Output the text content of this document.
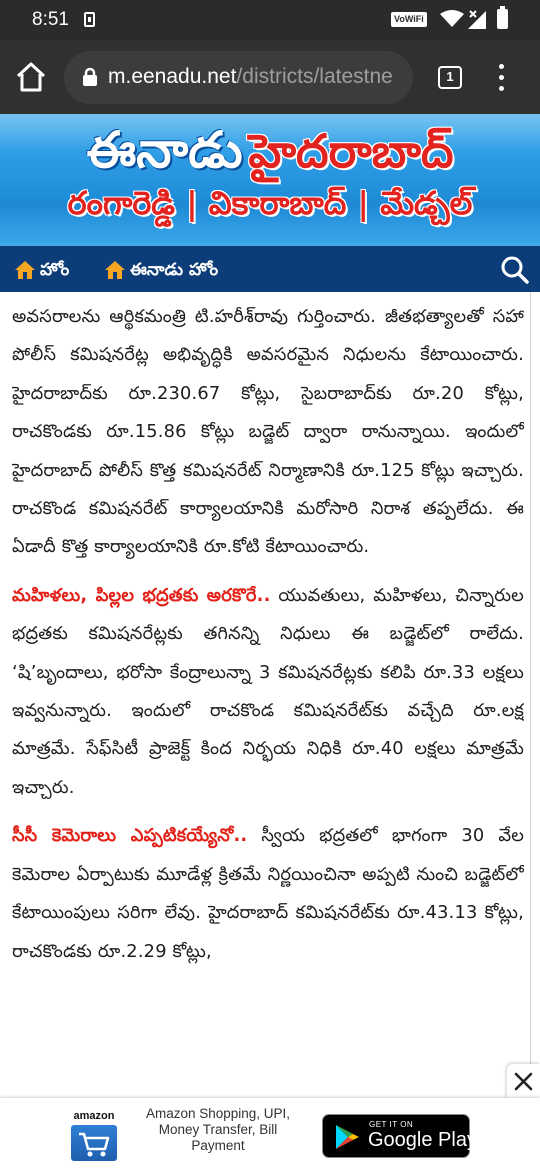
8:51	VoWiFi
m.eenadu.net/districts/latestne	1
ఈనాడు హైదరాబాద్
రంగారెడ్డి | వికారాబాద్ | మేడ్చల్
హోం	ఈనాడు హోం

అవసరాలను ఆర్థికమంత్రి టి.హరీశ్‌రావు గుర్తించారు. జీతభత్యాలతో సహా పోలీస్‌ కమిషనరేట్ల అభివృద్ధికి అవసరమైన నిధులను కేటాయించారు. హైదరాబాద్‌కు రూ.230.67 కోట్లు, సైబరాబాద్‌కు రూ.20 కోట్లు, రాచకొండకు రూ.15.86 కోట్లు బడ్జెట్‌ ద్వారా రానున్నాయి. ఇందులో హైదరాబాద్‌ పోలీస్‌ కొత్త కమిషనరేట్‌ నిర్మాణానికి రూ.125 కోట్లు ఇచ్చారు. రాచకొండ కమిషనరేట్‌ కార్యాలయానికి మరోసారి నిరాశ తప్పలేదు. ఈ ఏడాదీ కొత్త కార్యాలయానికి రూ.కోటి కేటాయించారు.

మహిళలు, పిల్లల భద్రతకు అరకొరే.. యువతులు, మహిళలు, చిన్నారుల భద్రతకు కమిషనరేట్లకు తగినన్ని నిధులు ఈ బడ్జెట్‌లో రాలేదు. ‘షి’బృందాలు, భరోసా కేంద్రాలున్నా 3 కమిషనరేట్లకు కలిపి రూ.33 లక్షలు ఇవ్వనున్నారు. ఇందులో రాచకొండ కమిషనరేట్‌కు వచ్చేది రూ.లక్ష మాత్రమే. సేఫ్‌సిటీ ప్రాజెక్ట్‌ కింద నిర్భయ నిధికి రూ.40 లక్షలు మాత్రమే ఇచ్చారు.

సీసీ కెమెరాలు ఎప్పటికయ్యేనో.. స్వీయ భద్రతలో భాగంగా 30 వేల కెమెరాల ఏర్పాటుకు మూడేళ్ల క్రితమే నిర్ణయించినా అప్పటి నుంచి బడ్జెట్‌లో కేటాయింపులు సరిగా లేవు. హైదరాబాద్‌ కమిషనరేట్‌కు రూ.43.13 కోట్లు, రాచకొండకు రూ.2.29 కోట్లు,

amazon	Amazon Shopping, UPI, Money Transfer, Bill Payment
GET IT ON
Google Play
